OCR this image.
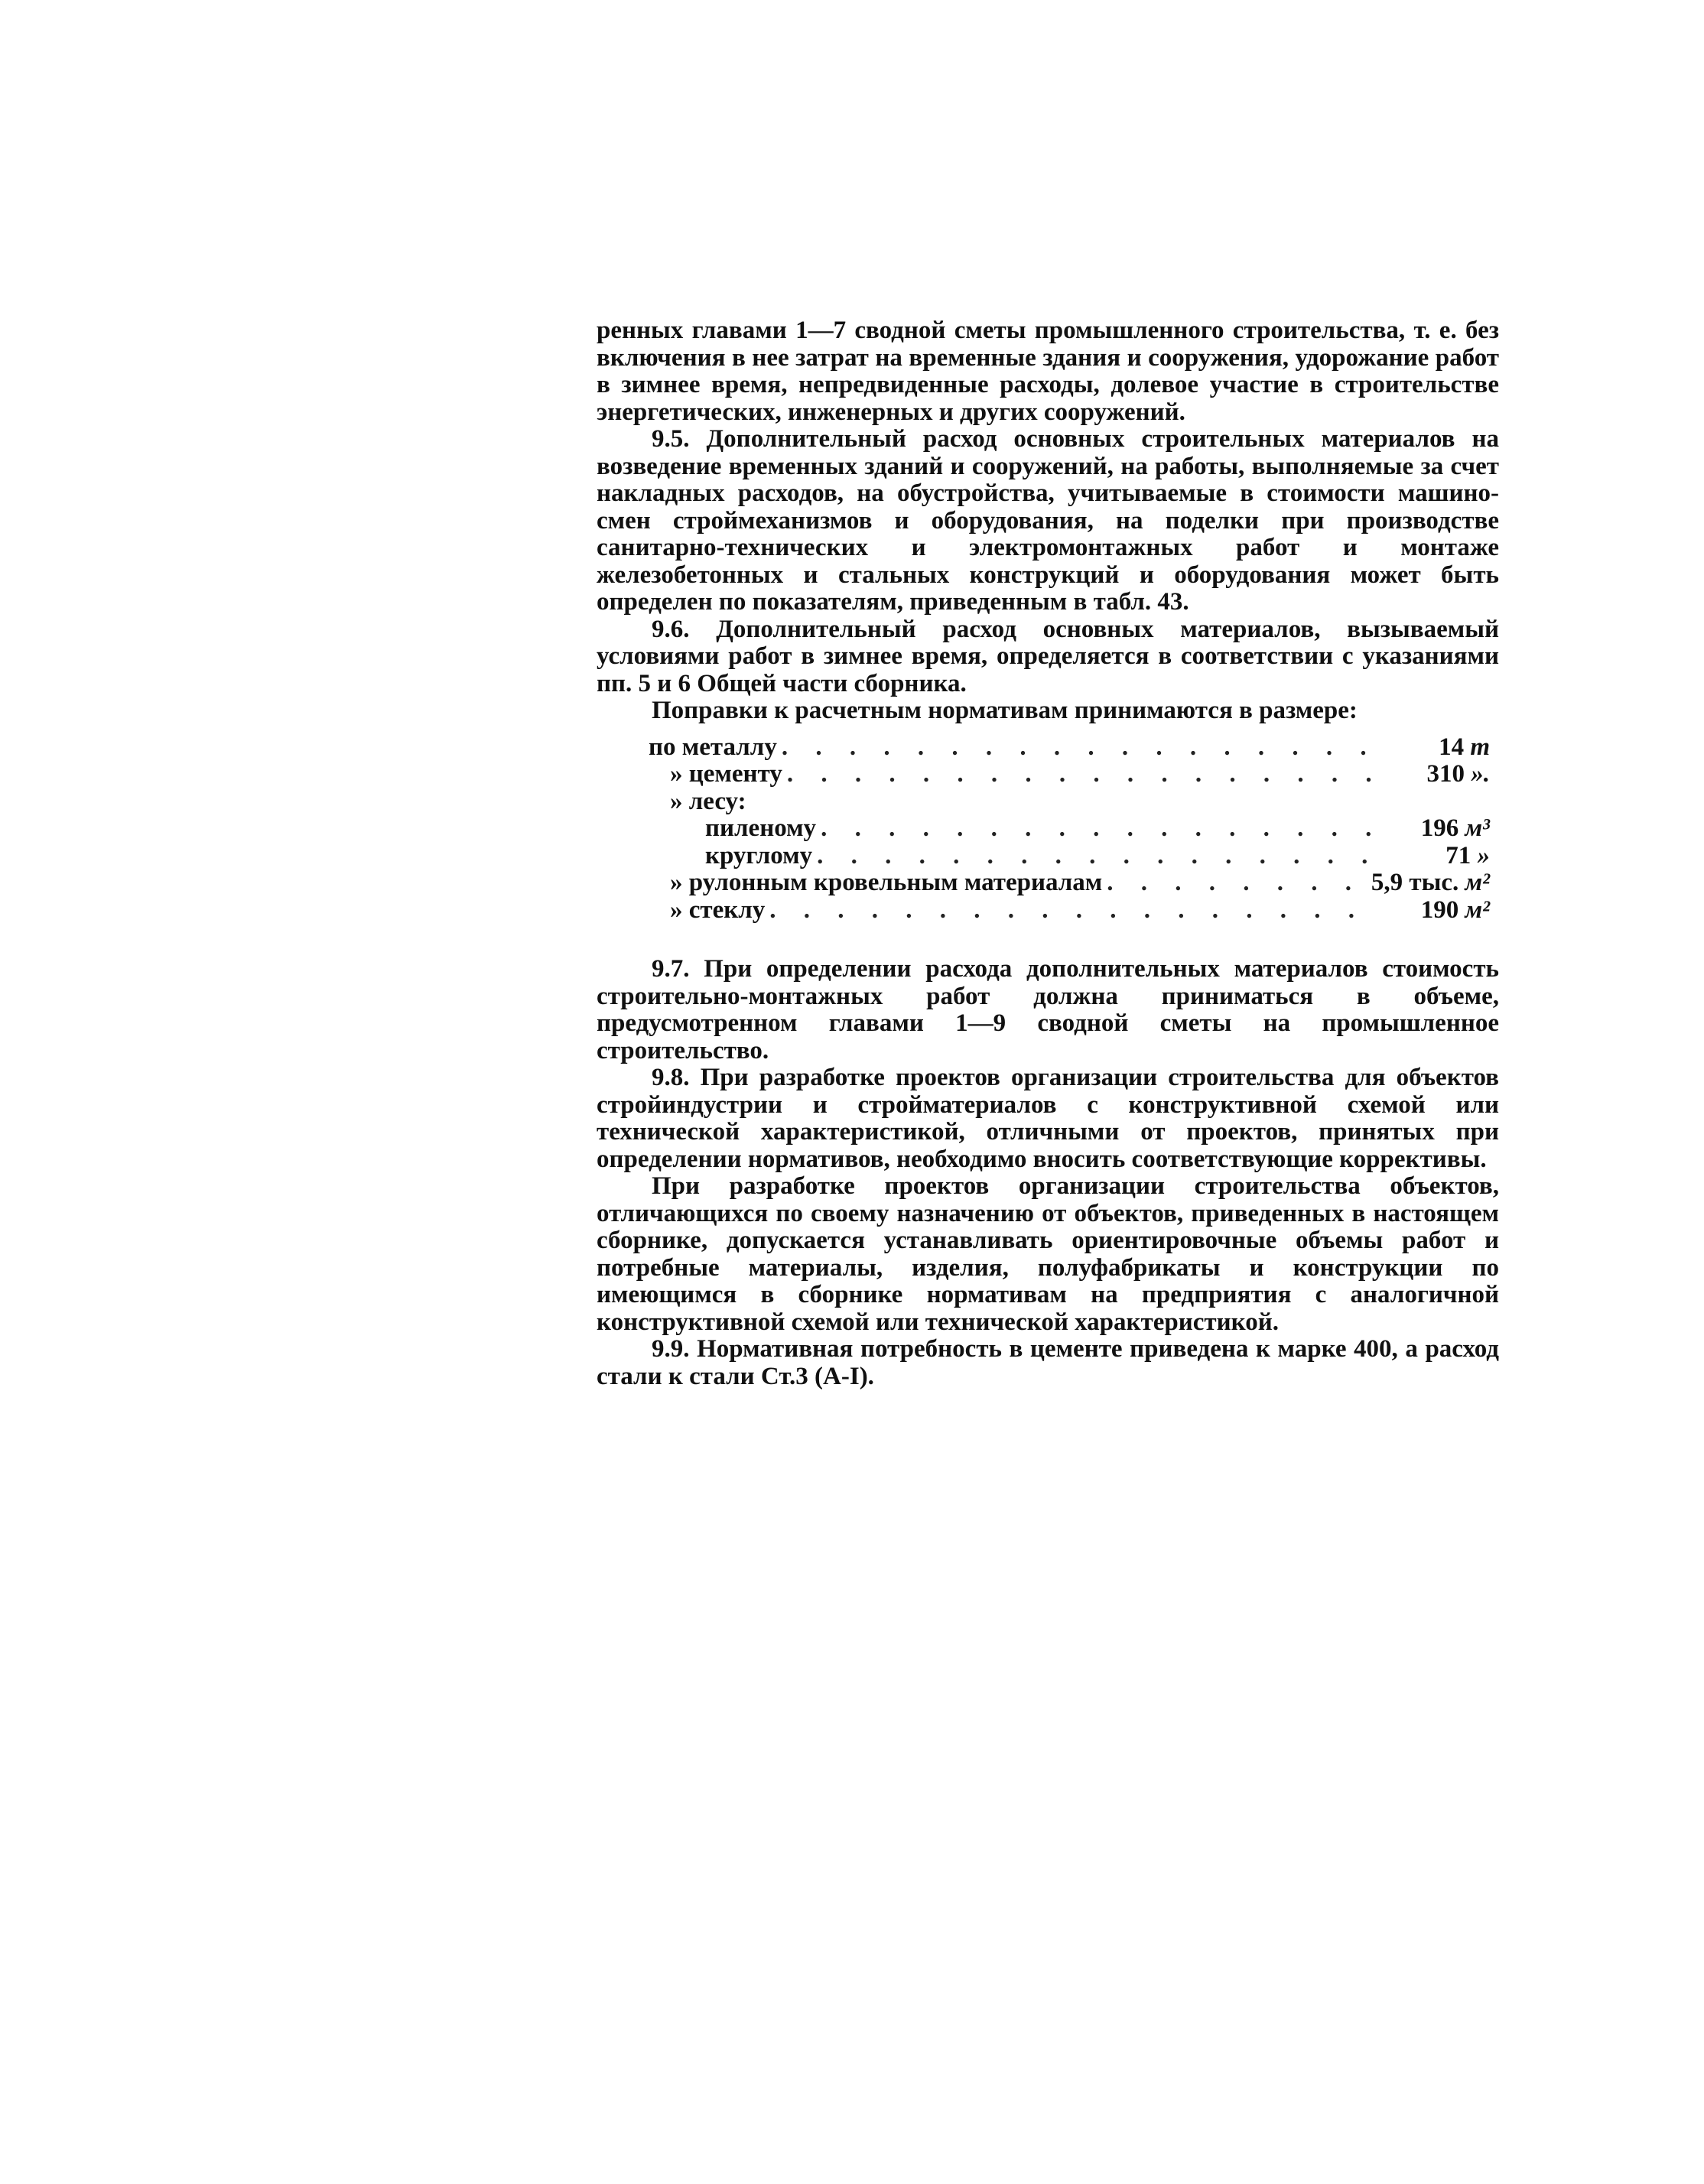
ренных главами 1—7 сводной сметы промышленного строительства, т. е. без включения в нее затрат на временные здания и сооружения, удорожание работ в зимнее время, непредвиденные расходы, долевое участие в строительстве энергетических, инженерных и других сооружений.

9.5. Дополнительный расход основных строительных материалов на возведение временных зданий и сооружений, на работы, выполняемые за счет накладных расходов, на обустройства, учитываемые в стоимости машино-смен строймеханизмов и оборудования, на поделки при производстве санитарно-технических и электромонтажных работ и монтаже железобетонных и стальных конструкций и оборудования может быть определен по показателям, приведенным в табл. 43.

9.6. Дополнительный расход основных материалов, вызываемый условиями работ в зимнее время, определяется в соответствии с указаниями пп. 5 и 6 Общей части сборника.

Поправки к расчетным нормативам принимаются в размере:

по металлу . . .	14 т
» цементу . . .	310 ».
» лесу:
пиленому . . .	196 м³
круглому . . .	71 »
» рулонным кровельным материалам . . .	5,9 тыс. м²
» стеклу . . .	190 м²

9.7. При определении расхода дополнительных материалов стоимость строительно-монтажных работ должна приниматься в объеме, предусмотренном главами 1—9 сводной сметы на промышленное строительство.

9.8. При разработке проектов организации строительства для объектов стройиндустрии и стройматериалов с конструктивной схемой или технической характеристикой, отличными от проектов, принятых при определении нормативов, необходимо вносить соответствующие коррективы.

При разработке проектов организации строительства объектов, отличающихся по своему назначению от объектов, приведенных в настоящем сборнике, допускается устанавливать ориентировочные объемы работ и потребные материалы, изделия, полуфабрикаты и конструкции по имеющимся в сборнике нормативам на предприятия с аналогичной конструктивной схемой или технической характеристикой.

9.9. Нормативная потребность в цементе приведена к марке 400, а расход стали к стали Ст.3 (А-I).
